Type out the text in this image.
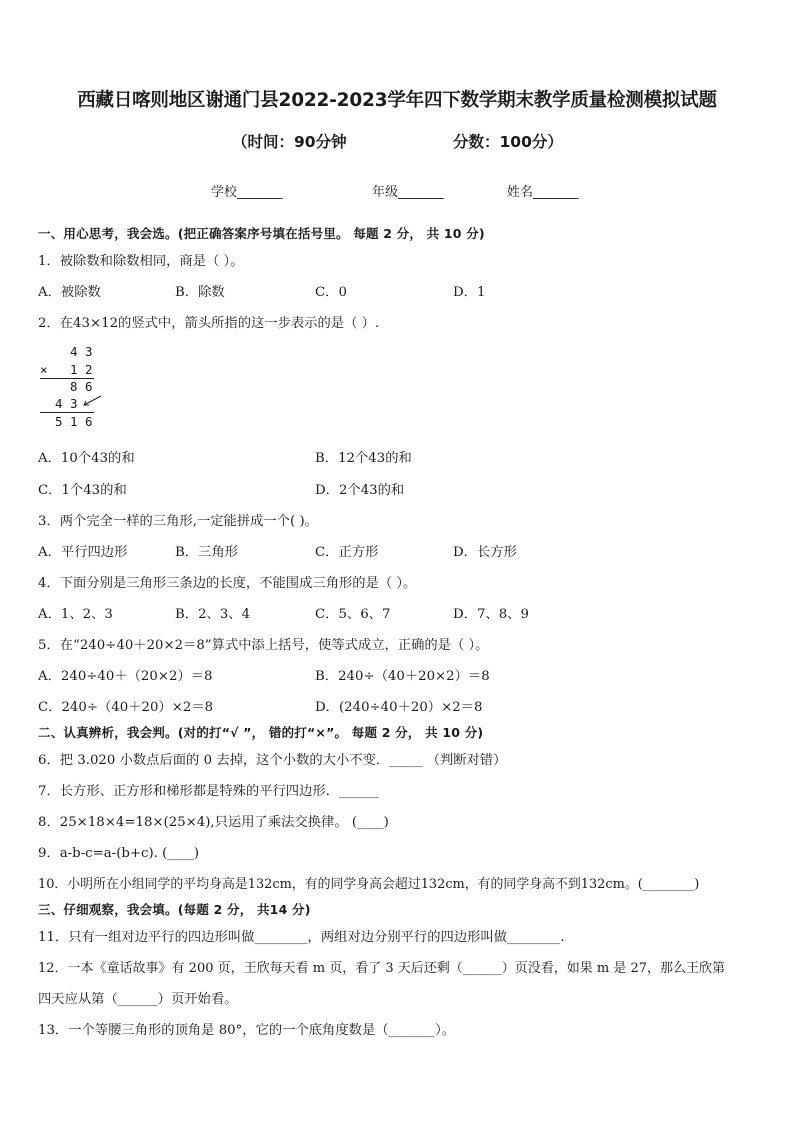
西藏日喀则地区谢通门县2022-2023学年四下数学期末教学质量检测模拟试题
（时间：90分钟	分数：100分）
学校_______	年级_______	姓名_______
一、用心思考，我会选。(把正确答案序号填在括号里。 每题 2 分， 共 10 分)
1．被除数和除数相同，商是（ ）。
A．被除数	B．除数	C．0	D．1
2．在43×12的竖式中，箭头所指的这一步表示的是（ ）.
4 3
× 1 2
8 6
4 3
5 1 6
A．10个43的和	B．12个43的和
C．1个43的和	D．2个43的和
3．两个完全一样的三角形,一定能拼成一个( )。
A．平行四边形	B．三角形	C．正方形	D．长方形
4．下面分别是三角形三条边的长度，不能围成三角形的是（ ）。
A．1、2、3	B．2、3、4	C．5、6、7	D．7、8、9
5．在“240÷40＋20×2＝8”算式中添上括号，使等式成立，正确的是（ ）。
A．240÷40＋（20×2）＝8	B．240÷（40＋20×2）＝8
C．240÷（40＋20）×2＝8	D．(240÷40＋20）×2＝8
二、认真辨析，我会判。(对的打“√ ”， 错的打“×”。 每题 2 分， 共 10 分)
6．把 3.020 小数点后面的 0 去掉，这个小数的大小不变．_____ （判断对错）
7．长方形、正方形和梯形都是特殊的平行四边形．______
8．25×18×4=18×(25×4),只运用了乘法交换律。 (____)
9．a-b-c=a-(b+c). (____)
10．小明所在小组同学的平均身高是132cm，有的同学身高会超过132cm，有的同学身高不到132cm。(________)
三、仔细观察，我会填。(每题 2 分， 共14 分)
11．只有一组对边平行的四边形叫做________，两组对边分别平行的四边形叫做________.
12．一本《童话故事》有 200 页，王欣每天看 m 页，看了 3 天后还剩（______）页没看，如果 m 是 27，那么王欣第
四天应从第（______）页开始看。
13．一个等腰三角形的顶角是 80°，它的一个底角度数是（_______）。
